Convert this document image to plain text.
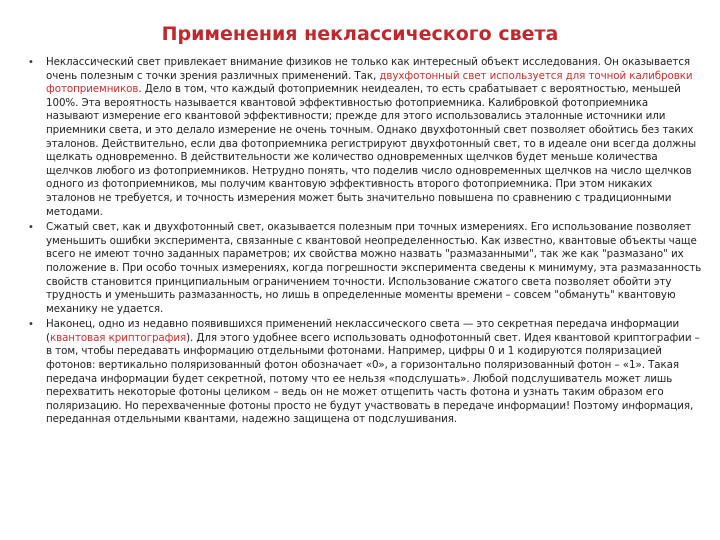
Применения неклассического света
• Неклассический свет привлекает внимание физиков не только как интересный объект исследования. Он оказывается очень полезным с точки зрения различных применений. Так, двухфотонный свет используется для точной калибровки фотоприемников. Дело в том, что каждый фотоприемник неидеален, то есть срабатывает с вероятностью, меньшей 100%. Эта вероятность называется квантовой эффективностью фотоприемника. Калибровкой фотоприемника называют измерение его квантовой эффективности; прежде для этого использовались эталонные источники или приемники света, и это делало измерение не очень точным. Однако двухфотонный свет позволяет обойтись без таких эталонов. Действительно, если два фотоприемника регистрируют двухфотонный свет, то в идеале они всегда должны щелкать одновременно. В действительности же количество одновременных щелчков будет меньше количества щелчков любого из фотоприемников. Нетрудно понять, что поделив число одновременных щелчков на число щелчков одного из фотоприемников, мы получим квантовую эффективность второго фотоприемника. При этом никаких эталонов не требуется, и точность измерения может быть значительно повышена по сравнению с традиционными методами.
• Сжатый свет, как и двухфотонный свет, оказывается полезным при точных измерениях. Его использование позволяет уменьшить ошибки эксперимента, связанные с квантовой неопределенностью. Как известно, квантовые объекты чаще всего не имеют точно заданных параметров; их свойства можно назвать "размазанными", так же как "размазано" их положение в. При особо точных измерениях, когда погрешности эксперимента сведены к минимуму, эта размазанность свойств становится принципиальным ограничением точности. Использование сжатого света позволяет обойти эту трудность и уменьшить размазанность, но лишь в определенные моменты времени – совсем "обмануть" квантовую механику не удается.
• Наконец, одно из недавно появившихся применений неклассического света — это секретная передача информации (квантовая криптография). Для этого удобнее всего использовать однофотонный свет. Идея квантовой криптографии – в том, чтобы передавать информацию отдельными фотонами. Например, цифры 0 и 1 кодируются поляризацией фотонов: вертикально поляризованный фотон обозначает «0», а горизонтально поляризованный фотон – «1». Такая передача информации будет секретной, потому что ее нельзя «подслушать». Любой подслушиватель может лишь перехватить некоторые фотоны целиком – ведь он не может отщепить часть фотона и узнать таким образом его поляризацию. Но перехваченные фотоны просто не будут участвовать в передаче информации! Поэтому информация, переданная отдельными квантами, надежно защищена от подслушивания.
